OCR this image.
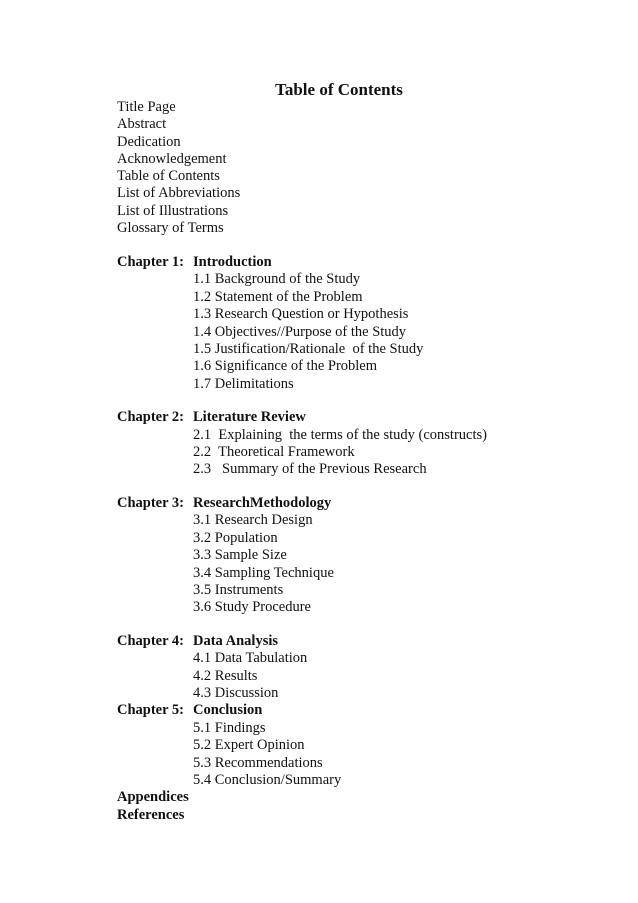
Table of Contents
Title Page
Abstract
Dedication
Acknowledgement
Table of Contents
List of Abbreviations
List of Illustrations
Glossary of Terms
Chapter 1: Introduction
1.1 Background of the Study
1.2 Statement of the Problem
1.3 Research Question or Hypothesis
1.4 Objectives//Purpose of the Study
1.5 Justification/Rationale  of the Study
1.6 Significance of the Problem
1.7 Delimitations
Chapter 2: Literature Review
2.1  Explaining  the terms of the study (constructs)
2.2  Theoretical Framework
2.3   Summary of the Previous Research
Chapter 3: ResearchMethodology
3.1 Research Design
3.2 Population
3.3 Sample Size
3.4 Sampling Technique
3.5 Instruments
3.6 Study Procedure
Chapter 4: Data Analysis
4.1 Data Tabulation
4.2 Results
4.3 Discussion
Chapter 5: Conclusion
5.1 Findings
5.2 Expert Opinion
5.3 Recommendations
5.4 Conclusion/Summary
Appendices
References
